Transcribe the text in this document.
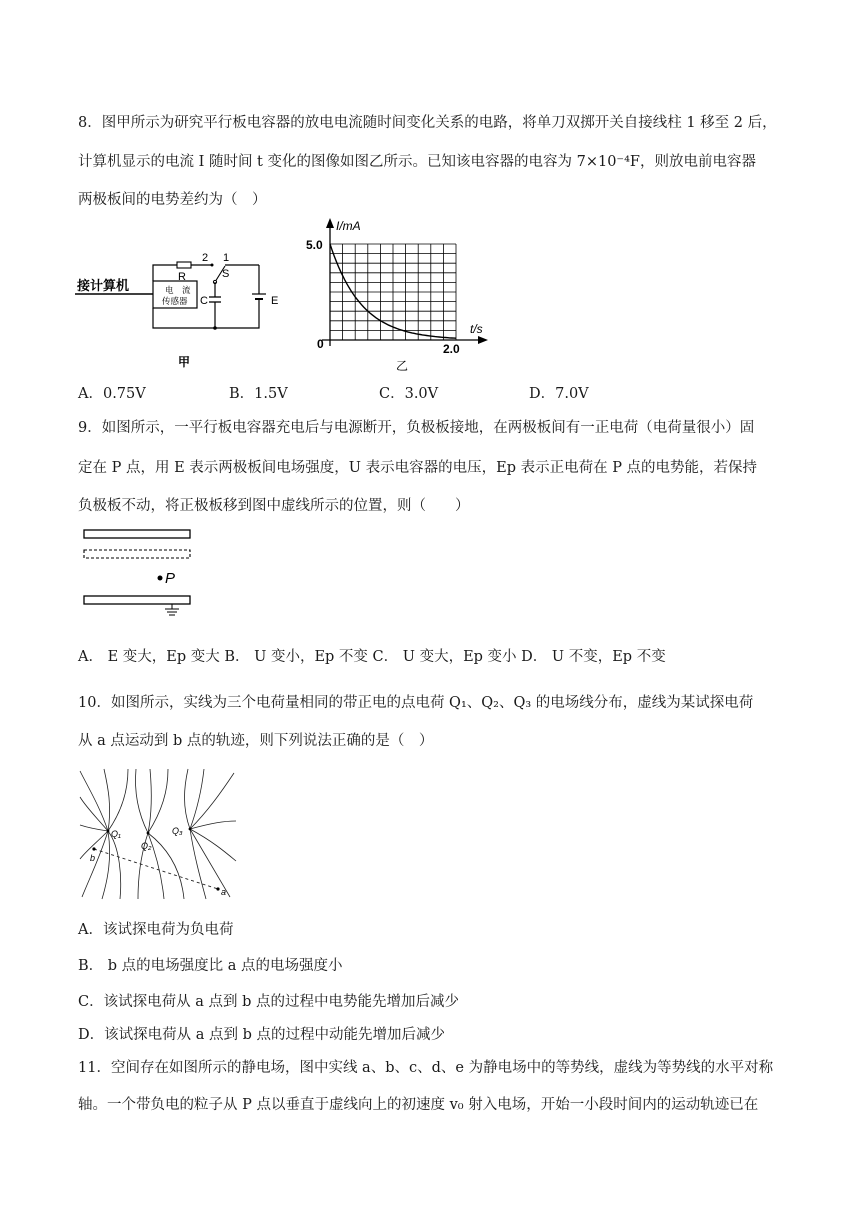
8．图甲所示为研究平行板电容器的放电电流随时间变化关系的电路，将单刀双掷开关自接线柱 1 移至 2 后，
计算机显示的电流 I 随时间 t 变化的图像如图乙所示。已知该电容器的电容为 7×10⁻⁴F，则放电前电容器
两极板间的电势差约为（　）
接计算机	电　流
传感器
R
2 1
S
C	E
甲
I/mA
5.0
0
t/s
2.0
乙
A．0.75V	B．1.5V	C．3.0V	D．7.0V
9．如图所示，一平行板电容器充电后与电源断开，负极板接地，在两极板间有一正电荷（电荷量很小）固
定在 P 点，用 E 表示两极板间电场强度，U 表示电容器的电压，Ep 表示正电荷在 P 点的电势能，若保持
负极板不动，将正极板移到图中虚线所示的位置，则（　　）
P
A． E 变大，Ep 变大 B． U 变小，Ep 不变 C． U 变大，Ep 变小 D． U 不变，Ep 不变
10．如图所示，实线为三个电荷量相同的带正电的点电荷 Q₁、Q₂、Q₃ 的电场线分布，虚线为某试探电荷
从 a 点运动到 b 点的轨迹，则下列说法正确的是（　）
Q₁
Q₂
Q₃
b
a
A．该试探电荷为负电荷
B． b 点的电场强度比 a 点的电场强度小
C．该试探电荷从 a 点到 b 点的过程中电势能先增加后减少
D．该试探电荷从 a 点到 b 点的过程中动能先增加后减少
11．空间存在如图所示的静电场，图中实线 a、b、c、d、e 为静电场中的等势线，虚线为等势线的水平对称
轴。一个带负电的粒子从 P 点以垂直于虚线向上的初速度 v₀ 射入电场，开始一小段时间内的运动轨迹已在
